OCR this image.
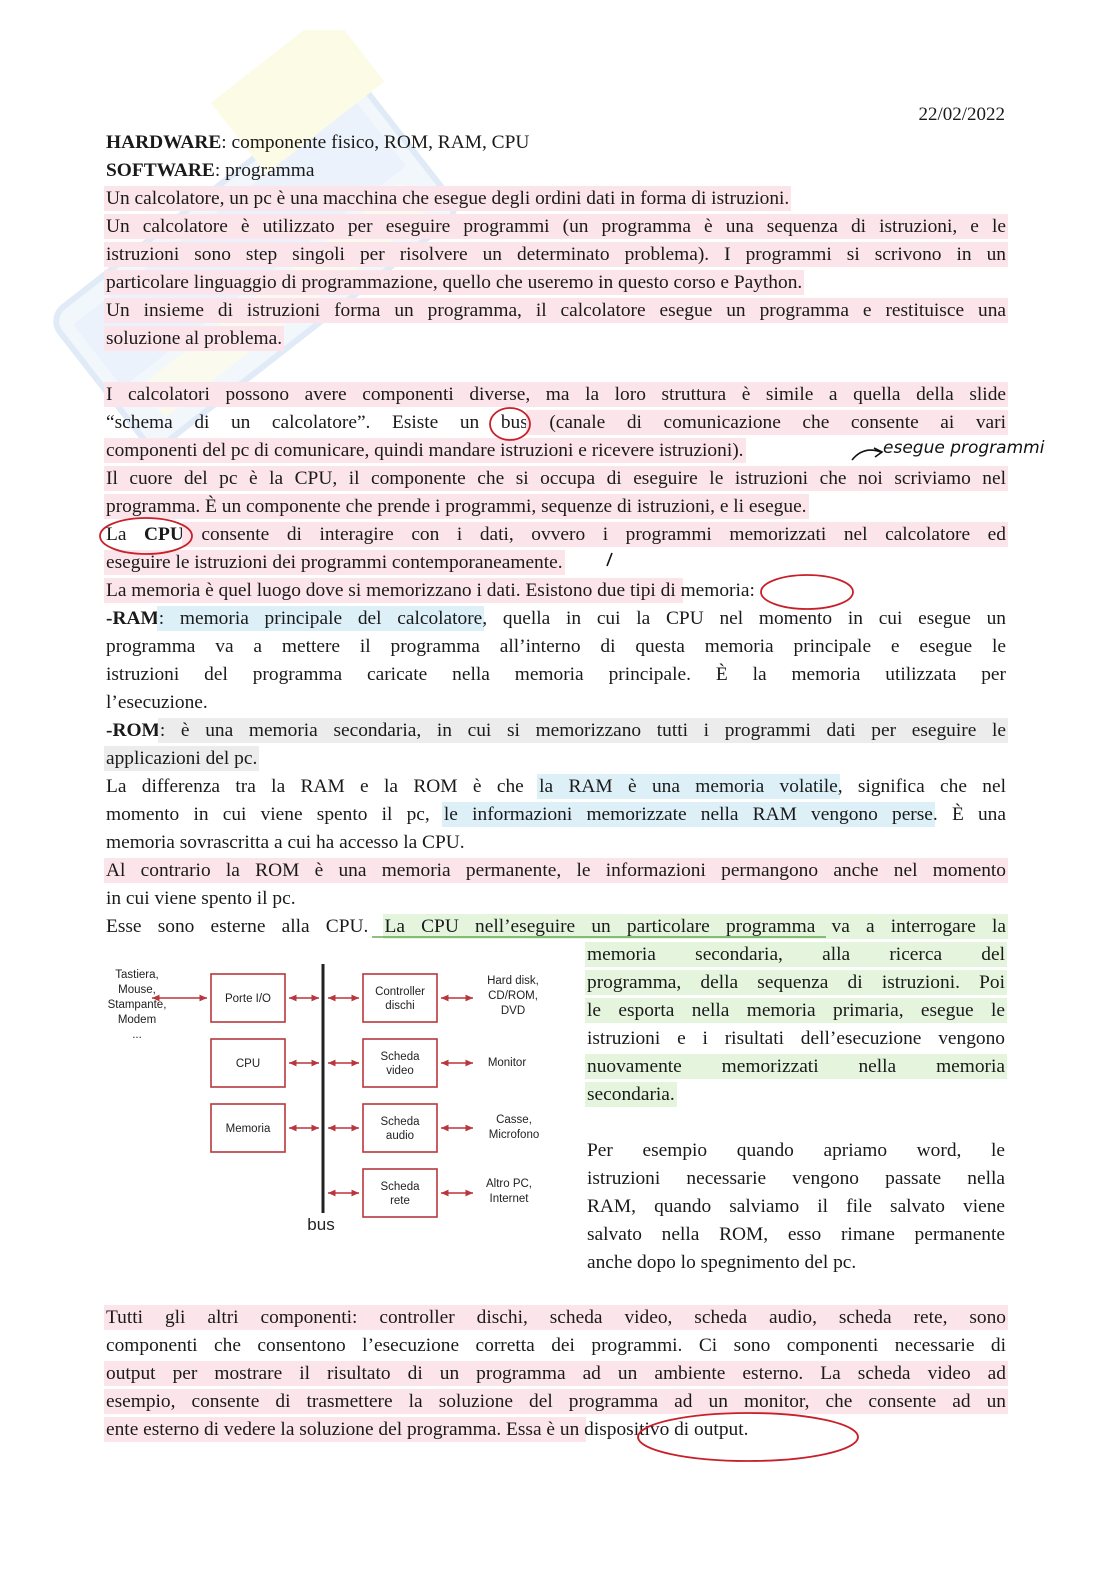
22/02/2022
HARDWARE: componente fisico, ROM, RAM, CPU
SOFTWARE: programma
Un calcolatore, un pc è una macchina che esegue degli ordini dati in forma di istruzioni.
Un calcolatore è utilizzato per eseguire programmi (un programma è una sequenza di istruzioni, e le
istruzioni sono step singoli per risolvere un determinato problema). I programmi si scrivono in un
particolare linguaggio di programmazione, quello che useremo in questo corso e Paython.
Un insieme di istruzioni forma un programma, il calcolatore esegue un programma e restituisce una
soluzione al problema.
I calcolatori possono avere componenti diverse, ma la loro struttura è simile a quella della slide
“schema di un calcolatore”. Esiste un bus (canale di comunicazione che consente ai vari
componenti del pc di comunicare, quindi mandare istruzioni e ricevere istruzioni).
Il cuore del pc è la CPU, il componente che si occupa di eseguire le istruzioni che noi scriviamo nel
programma. È un componente che prende i programmi, sequenze di istruzioni, e li esegue.
La CPU consente di interagire con i dati, ovvero i programmi memorizzati nel calcolatore ed
eseguire le istruzioni dei programmi contemporaneamente.
esegue programmi
La memoria è quel luogo dove si memorizzano i dati. Esistono due tipi di memoria:
-RAM: memoria principale del calcolatore, quella in cui la CPU nel momento in cui esegue un
programma va a mettere il programma all’interno di questa memoria principale e esegue le
istruzioni del programma caricate nella memoria principale. È la memoria utilizzata per
l’esecuzione.
-ROM: è una memoria secondaria, in cui si memorizzano tutti i programmi dati per eseguire le
applicazioni del pc.
La differenza tra la RAM e la ROM è che la RAM è una memoria volatile, significa che nel
momento in cui viene spento il pc, le informazioni memorizzate nella RAM vengono perse. È una
memoria sovrascritta a cui ha accesso la CPU.
Al contrario la ROM è una memoria permanente, le informazioni permangono anche nel momento
in cui viene spento il pc.
Esse sono esterne alla CPU. La CPU nell’eseguire un particolare programma va a interrogare la
memoria secondaria, alla ricerca del
programma, della sequenza di istruzioni. Poi
le esporta nella memoria primaria, esegue le
istruzioni e i risultati dell’esecuzione vengono
nuovamente memorizzati nella memoria
secondaria.
Per esempio quando apriamo word, le
istruzioni necessarie vengono passate nella
RAM, quando salviamo il file salvato viene
salvato nella ROM, esso rimane permanente
anche dopo lo spegnimento del pc.
bus
Tastiera,
Mouse,
Stampante,
Modem
...
Porte I/O
CPU
Memoria
Controller
dischi
Scheda
video
Scheda
audio
Scheda
rete
Hard disk,
CD/ROM,
DVD
Monitor
Casse,
Microfono
Altro PC,
Internet
Tutti gli altri componenti: controller dischi, scheda video, scheda audio, scheda rete, sono
componenti che consentono l’esecuzione corretta dei programmi. Ci sono componenti necessarie di
output per mostrare il risultato di un programma ad un ambiente esterno. La scheda video ad
esempio, consente di trasmettere la soluzione del programma ad un monitor, che consente ad un
ente esterno di vedere la soluzione del programma. Essa è un dispositivo di output.
